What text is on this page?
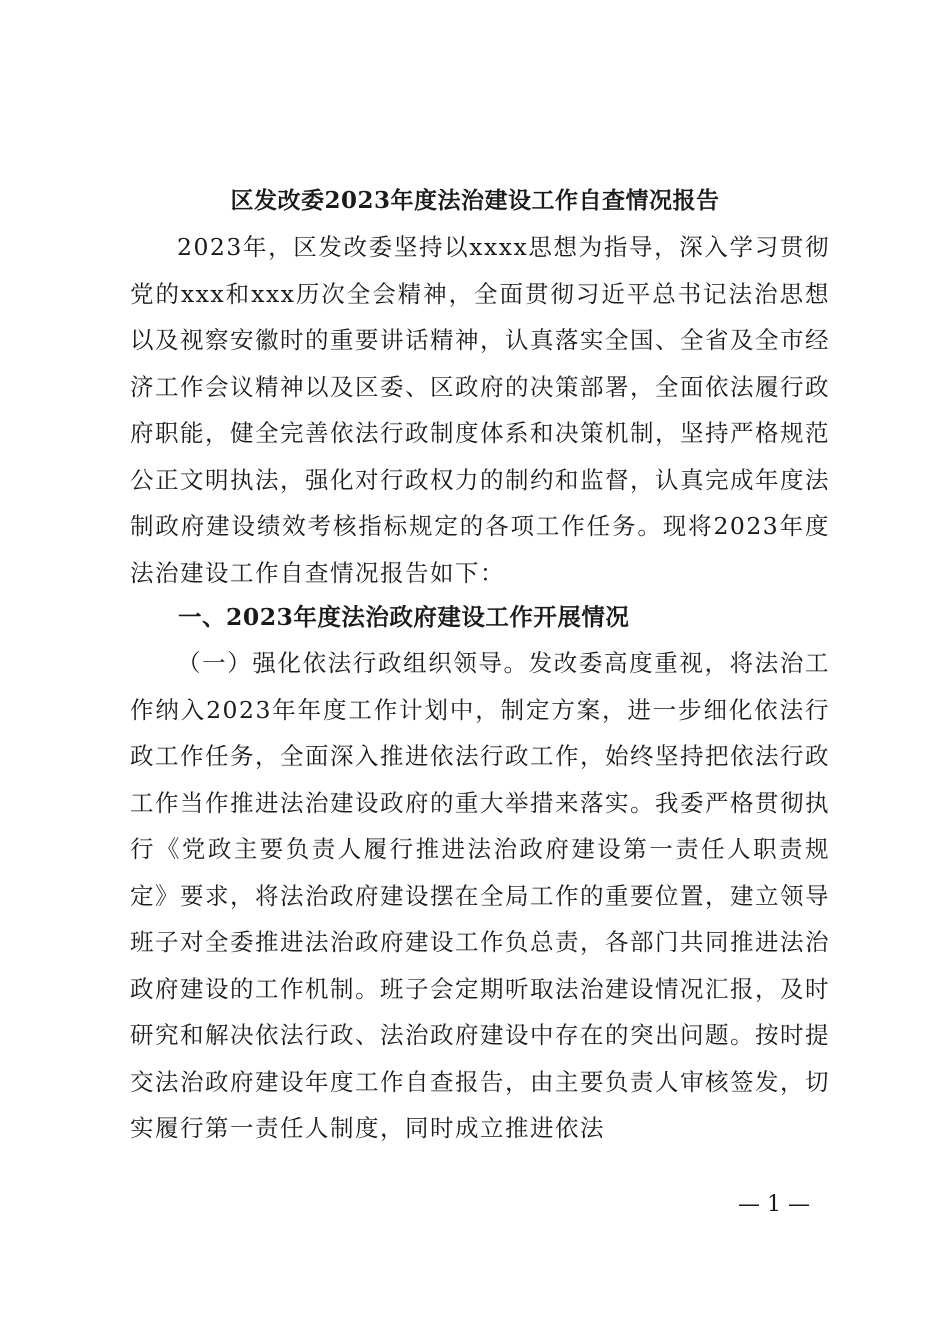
区发改委2023年度法治建设工作自查情况报告
2023年，区发改委坚持以xxxx思想为指导，深入学习贯彻党的xxx和xxx历次全会精神，全面贯彻习近平总书记法治思想以及视察安徽时的重要讲话精神，认真落实全国、全省及全市经济工作会议精神以及区委、区政府的决策部署，全面依法履行政府职能，健全完善依法行政制度体系和决策机制，坚持严格规范公正文明执法，强化对行政权力的制约和监督，认真完成年度法制政府建设绩效考核指标规定的各项工作任务。现将2023年度法治建设工作自查情况报告如下：
一、2023年度法治政府建设工作开展情况
（一）强化依法行政组织领导。发改委高度重视，将法治工作纳入2023年年度工作计划中，制定方案，进一步细化依法行政工作任务，全面深入推进依法行政工作，始终坚持把依法行政工作当作推进法治建设政府的重大举措来落实。我委严格贯彻执行《党政主要负责人履行推进法治政府建设第一责任人职责规定》要求，将法治政府建设摆在全局工作的重要位置，建立领导班子对全委推进法治政府建设工作负总责，各部门共同推进法治政府建设的工作机制。班子会定期听取法治建设情况汇报，及时研究和解决依法行政、法治政府建设中存在的突出问题。按时提交法治政府建设年度工作自查报告，由主要负责人审核签发，切实履行第一责任人制度，同时成立推进依法
— 1 —
